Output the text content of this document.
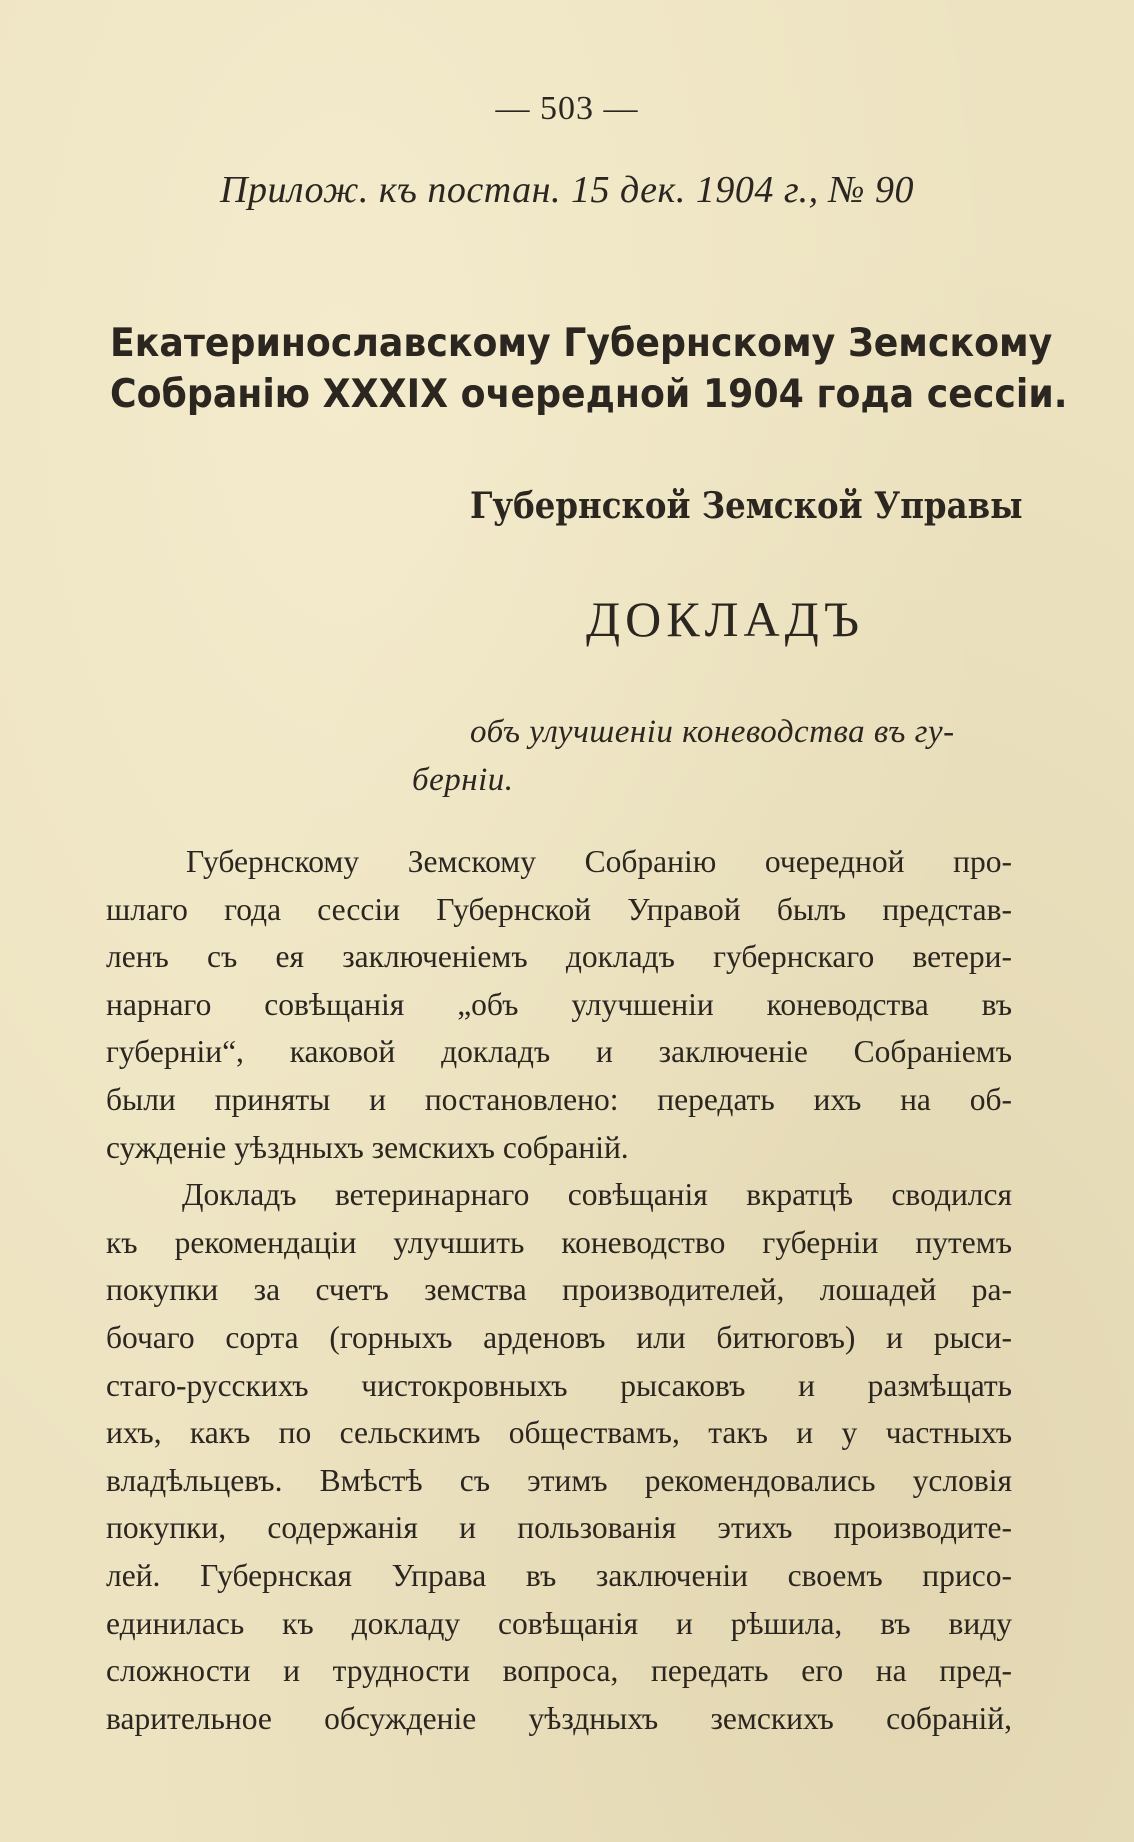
— 503 —
Прилож. къ постан. 15 дек. 1904 г., № 90
Екатеринославскому Губернскому Земскому
Собранію XXXIX очередной 1904 года сессіи.
Губернской Земской Управы
ДОКЛАДЪ
объ улучшеніи коневодства въ гу-
берніи.
Губернскому Земскому Собранію очередной про-
шлаго года сессіи Губернской Управой былъ представ-
ленъ съ ея заключеніемъ докладъ губернскаго ветери-
нарнаго совѣщанія „объ улучшеніи коневодства въ
губерніи“, каковой докладъ и заключеніе Собраніемъ
были приняты и постановлено: передать ихъ на об-
сужденіе уѣздныхъ земскихъ собраній.
Докладъ ветеринарнаго совѣщанія вкратцѣ сводился
къ рекомендаціи улучшить коневодство губерніи путемъ
покупки за счетъ земства производителей, лошадей ра-
бочаго сорта (горныхъ арденовъ или битюговъ) и рыси-
стаго-русскихъ чистокровныхъ рысаковъ и размѣщать
ихъ, какъ по сельскимъ обществамъ, такъ и у частныхъ
владѣльцевъ. Вмѣстѣ съ этимъ рекомендовались условія
покупки, содержанія и пользованія этихъ производите-
лей. Губернская Управа въ заключеніи своемъ присо-
единилась къ докладу совѣщанія и рѣшила, въ виду
сложности и трудности вопроса, передать его на пред-
варительное обсужденіе уѣздныхъ земскихъ собраній,
